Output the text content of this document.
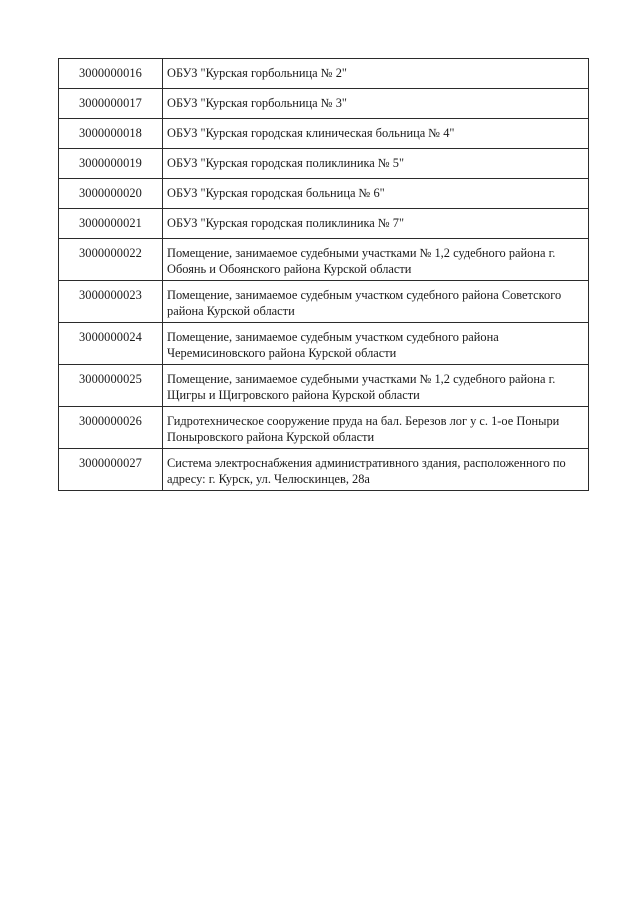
3000000016	ОБУЗ "Курская горбольница № 2"
3000000017	ОБУЗ "Курская горбольница № 3"
3000000018	ОБУЗ "Курская городская клиническая больница № 4"
3000000019	ОБУЗ "Курская городская поликлиника № 5"
3000000020	ОБУЗ "Курская городская больница № 6"
3000000021	ОБУЗ "Курская городская поликлиника № 7"
3000000022	Помещение, занимаемое судебными участками № 1,2 судебного района г. Обоянь и Обоянского района Курской области
3000000023	Помещение, занимаемое судебным участком судебного района Советского района Курской области
3000000024	Помещение, занимаемое судебным участком судебного района Черемисиновского района Курской области
3000000025	Помещение, занимаемое судебными участками № 1,2 судебного района г. Щигры и Щигровского района Курской области
3000000026	Гидротехническое сооружение пруда на бал. Березов лог у с. 1-ое Поныри Поныровского района Курской области
3000000027	Система электроснабжения административного здания, расположенного по адресу: г. Курск, ул. Челюскинцев, 28а
